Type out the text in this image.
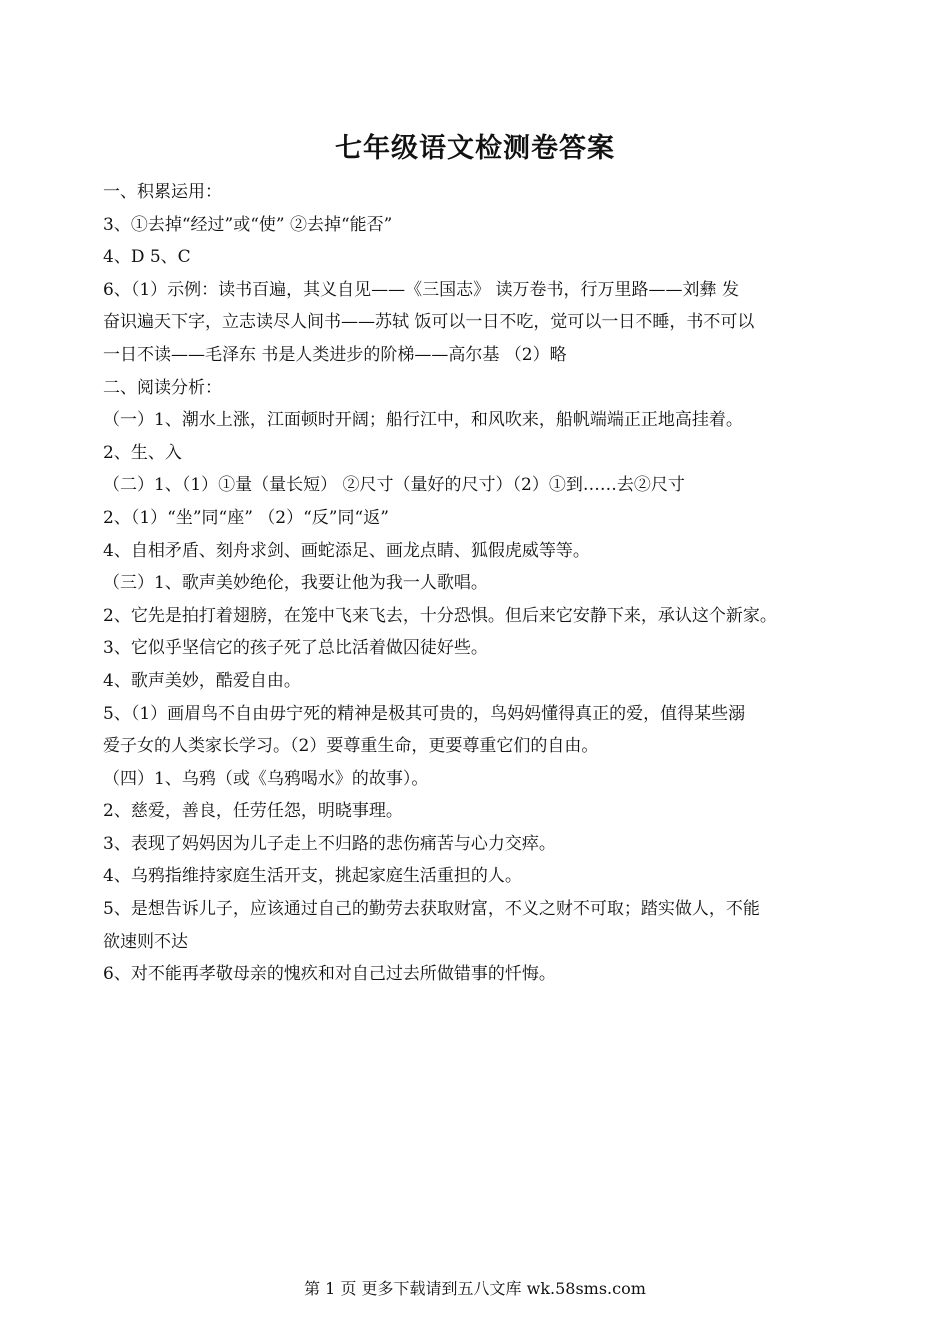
七年级语文检测卷答案
一、积累运用：
3、①去掉“经过”或“使” ②去掉“能否”
4、D 5、C
6、（1）示例：读书百遍，其义自见——《三国志》 读万卷书，行万里路——刘彝 发
奋识遍天下字，立志读尽人间书——苏轼 饭可以一日不吃，觉可以一日不睡，书不可以
一日不读——毛泽东 书是人类进步的阶梯——高尔基 （2）略
二、阅读分析：
（一）1、潮水上涨，江面顿时开阔；船行江中，和风吹来，船帆端端正正地高挂着。
2、生、入
（二）1、（1）①量（量长短） ②尺寸（量好的尺寸）（2）①到……去②尺寸
2、（1）“坐”同“座” （2）“反”同“返”
4、自相矛盾、刻舟求剑、画蛇添足、画龙点睛、狐假虎威等等。
（三）1、歌声美妙绝伦，我要让他为我一人歌唱。
2、它先是拍打着翅膀，在笼中飞来飞去，十分恐惧。但后来它安静下来，承认这个新家。
3、它似乎坚信它的孩子死了总比活着做囚徒好些。
4、歌声美妙，酷爱自由。
5、（1）画眉鸟不自由毋宁死的精神是极其可贵的，鸟妈妈懂得真正的爱，值得某些溺
爱子女的人类家长学习。（2）要尊重生命，更要尊重它们的自由。
（四）1、乌鸦（或《乌鸦喝水》的故事）。
2、慈爱，善良，任劳任怨，明晓事理。
3、表现了妈妈因为儿子走上不归路的悲伤痛苦与心力交瘁。
4、乌鸦指维持家庭生活开支，挑起家庭生活重担的人。
5、是想告诉儿子，应该通过自己的勤劳去获取财富，不义之财不可取；踏实做人，不能
欲速则不达
6、对不能再孝敬母亲的愧疚和对自己过去所做错事的忏悔。
第 1 页 更多下载请到五八文库 wk.58sms.com
